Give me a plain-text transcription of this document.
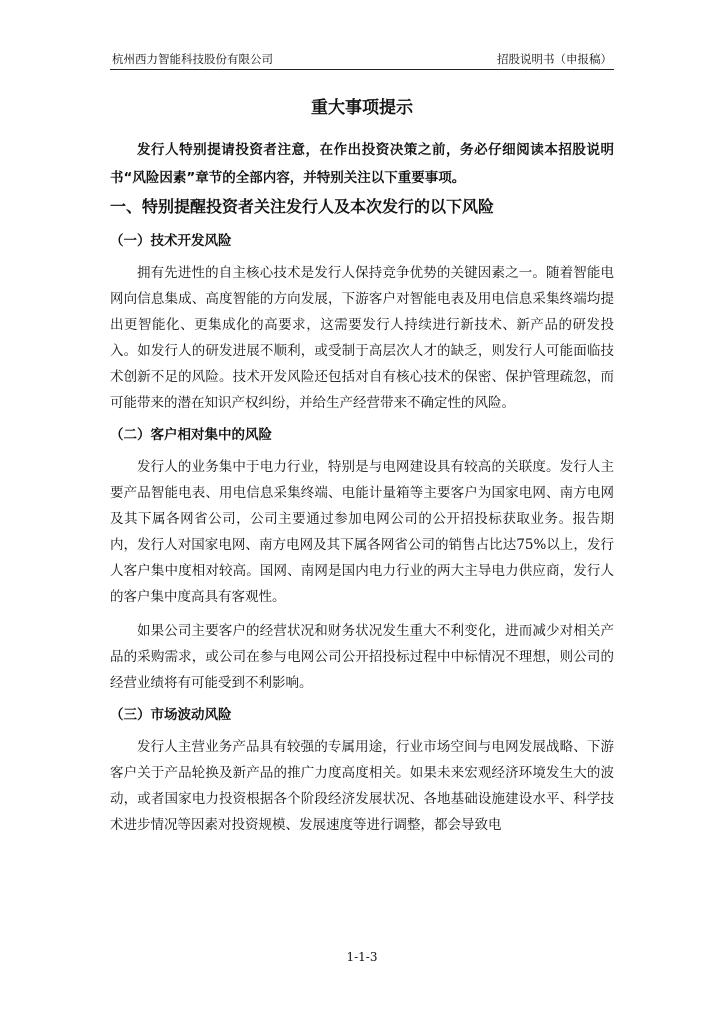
杭州西力智能科技股份有限公司	招股说明书（申报稿）
重大事项提示

发行人特别提请投资者注意，在作出投资决策之前，务必仔细阅读本招股说明书“风险因素”章节的全部内容，并特别关注以下重要事项。

一、特别提醒投资者关注发行人及本次发行的以下风险
（一）技术开发风险

拥有先进性的自主核心技术是发行人保持竞争优势的关键因素之一。随着智能电网向信息集成、高度智能的方向发展，下游客户对智能电表及用电信息采集终端均提出更智能化、更集成化的高要求，这需要发行人持续进行新技术、新产品的研发投入。如发行人的研发进展不顺利，或受制于高层次人才的缺乏，则发行人可能面临技术创新不足的风险。技术开发风险还包括对自有核心技术的保密、保护管理疏忽，而可能带来的潜在知识产权纠纷，并给生产经营带来不确定性的风险。

（二）客户相对集中的风险

发行人的业务集中于电力行业，特别是与电网建设具有较高的关联度。发行人主要产品智能电表、用电信息采集终端、电能计量箱等主要客户为国家电网、南方电网及其下属各网省公司，公司主要通过参加电网公司的公开招投标获取业务。报告期内，发行人对国家电网、南方电网及其下属各网省公司的销售占比达75%以上，发行人客户集中度相对较高。国网、南网是国内电力行业的两大主导电力供应商，发行人的客户集中度高具有客观性。

如果公司主要客户的经营状况和财务状况发生重大不利变化，进而减少对相关产品的采购需求，或公司在参与电网公司公开招投标过程中中标情况不理想，则公司的经营业绩将有可能受到不利影响。

（三）市场波动风险

发行人主营业务产品具有较强的专属用途，行业市场空间与电网发展战略、下游客户关于产品轮换及新产品的推广力度高度相关。如果未来宏观经济环境发生大的波动，或者国家电力投资根据各个阶段经济发展状况、各地基础设施建设水平、科学技术进步情况等因素对投资规模、发展速度等进行调整，都会导致电

1-1-3
